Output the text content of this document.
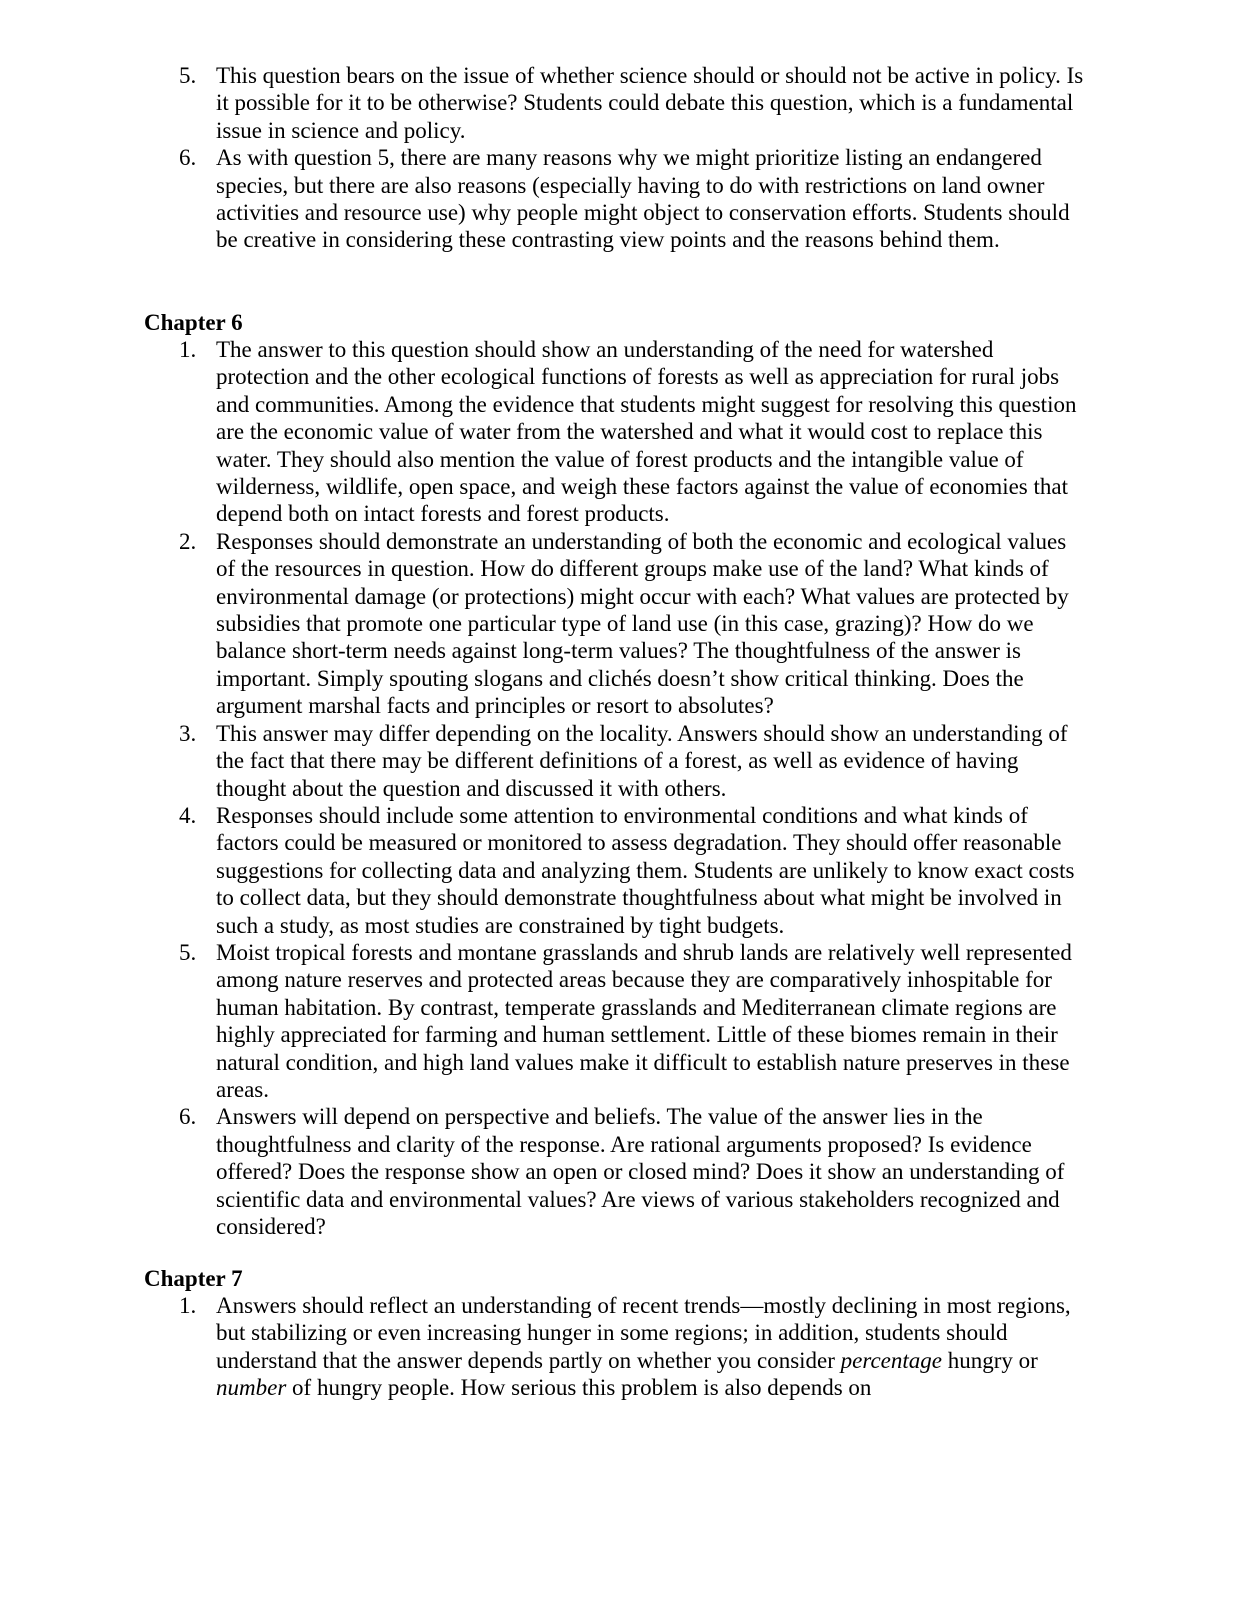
5. This question bears on the issue of whether science should or should not be active in policy. Is it possible for it to be otherwise? Students could debate this question, which is a fundamental issue in science and policy.
6. As with question 5, there are many reasons why we might prioritize listing an endangered species, but there are also reasons (especially having to do with restrictions on land owner activities and resource use) why people might object to conservation efforts. Students should be creative in considering these contrasting view points and the reasons behind them.
Chapter 6
1. The answer to this question should show an understanding of the need for watershed protection and the other ecological functions of forests as well as appreciation for rural jobs and communities. Among the evidence that students might suggest for resolving this question are the economic value of water from the watershed and what it would cost to replace this water. They should also mention the value of forest products and the intangible value of wilderness, wildlife, open space, and weigh these factors against the value of economies that depend both on intact forests and forest products.
2. Responses should demonstrate an understanding of both the economic and ecological values of the resources in question. How do different groups make use of the land? What kinds of environmental damage (or protections) might occur with each? What values are protected by subsidies that promote one particular type of land use (in this case, grazing)? How do we balance short-term needs against long-term values? The thoughtfulness of the answer is important. Simply spouting slogans and clichés doesn’t show critical thinking. Does the argument marshal facts and principles or resort to absolutes?
3. This answer may differ depending on the locality. Answers should show an understanding of the fact that there may be different definitions of a forest, as well as evidence of having thought about the question and discussed it with others.
4. Responses should include some attention to environmental conditions and what kinds of factors could be measured or monitored to assess degradation. They should offer reasonable suggestions for collecting data and analyzing them. Students are unlikely to know exact costs to collect data, but they should demonstrate thoughtfulness about what might be involved in such a study, as most studies are constrained by tight budgets.
5. Moist tropical forests and montane grasslands and shrub lands are relatively well represented among nature reserves and protected areas because they are comparatively inhospitable for human habitation. By contrast, temperate grasslands and Mediterranean climate regions are highly appreciated for farming and human settlement. Little of these biomes remain in their natural condition, and high land values make it difficult to establish nature preserves in these areas.
6. Answers will depend on perspective and beliefs. The value of the answer lies in the thoughtfulness and clarity of the response. Are rational arguments proposed? Is evidence offered? Does the response show an open or closed mind? Does it show an understanding of scientific data and environmental values? Are views of various stakeholders recognized and considered?
Chapter 7
1. Answers should reflect an understanding of recent trends—mostly declining in most regions, but stabilizing or even increasing hunger in some regions; in addition, students should understand that the answer depends partly on whether you consider percentage hungry or number of hungry people. How serious this problem is also depends on
